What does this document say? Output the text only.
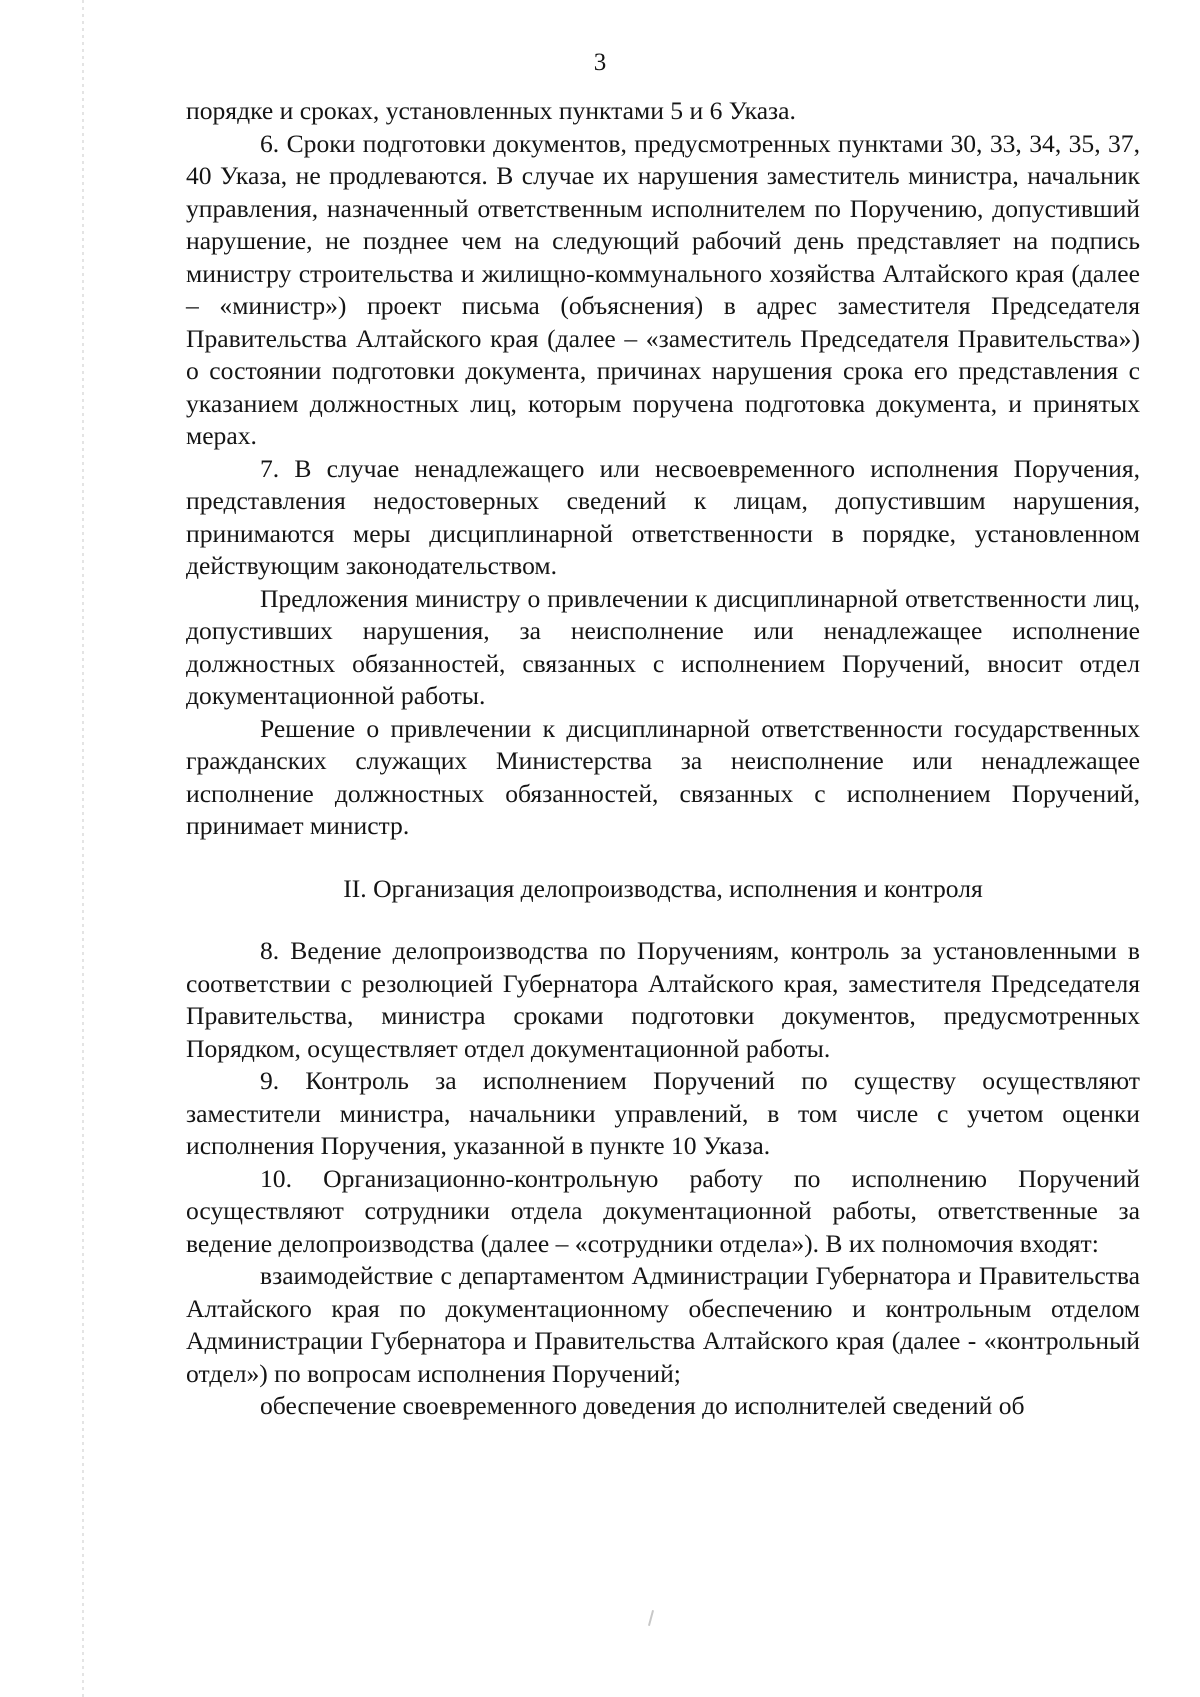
3

порядке и сроках, установленных пунктами 5 и 6 Указа.

6. Сроки подготовки документов, предусмотренных пунктами 30, 33, 34, 35, 37, 40 Указа, не продлеваются. В случае их нарушения заместитель министра, начальник управления, назначенный ответственным исполнителем по Поручению, допустивший нарушение, не позднее чем на следующий рабочий день представляет на подпись министру строительства и жилищно-коммунального хозяйства Алтайского края (далее – «министр») проект письма (объяснения) в адрес заместителя Председателя Правительства Алтайского края (далее – «заместитель Председателя Правительства») о состоянии подготовки документа, причинах нарушения срока его представления с указанием должностных лиц, которым поручена подготовка документа, и принятых мерах.

7. В случае ненадлежащего или несвоевременного исполнения Поручения, представления недостоверных сведений к лицам, допустившим нарушения, принимаются меры дисциплинарной ответственности в порядке, установленном действующим законодательством.

Предложения министру о привлечении к дисциплинарной ответственности лиц, допустивших нарушения, за неисполнение или ненадлежащее исполнение должностных обязанностей, связанных с исполнением Поручений, вносит отдел документационной работы.

Решение о привлечении к дисциплинарной ответственности государственных гражданских служащих Министерства за неисполнение или ненадлежащее исполнение должностных обязанностей, связанных с исполнением Поручений, принимает министр.

II. Организация делопроизводства, исполнения и контроля

8. Ведение делопроизводства по Поручениям, контроль за установленными в соответствии с резолюцией Губернатора Алтайского края, заместителя Председателя Правительства, министра сроками подготовки документов, предусмотренных Порядком, осуществляет отдел документационной работы.

9. Контроль за исполнением Поручений по существу осуществляют заместители министра, начальники управлений, в том числе с учетом оценки исполнения Поручения, указанной в пункте 10 Указа.

10. Организационно-контрольную работу по исполнению Поручений осуществляют сотрудники отдела документационной работы, ответственные за ведение делопроизводства (далее – «сотрудники отдела»). В их полномочия входят:

взаимодействие с департаментом Администрации Губернатора и Правительства Алтайского края по документационному обеспечению и контрольным отделом Администрации Губернатора и Правительства Алтайского края (далее - «контрольный отдел») по вопросам исполнения Поручений;

обеспечение своевременного доведения до исполнителей сведений об
